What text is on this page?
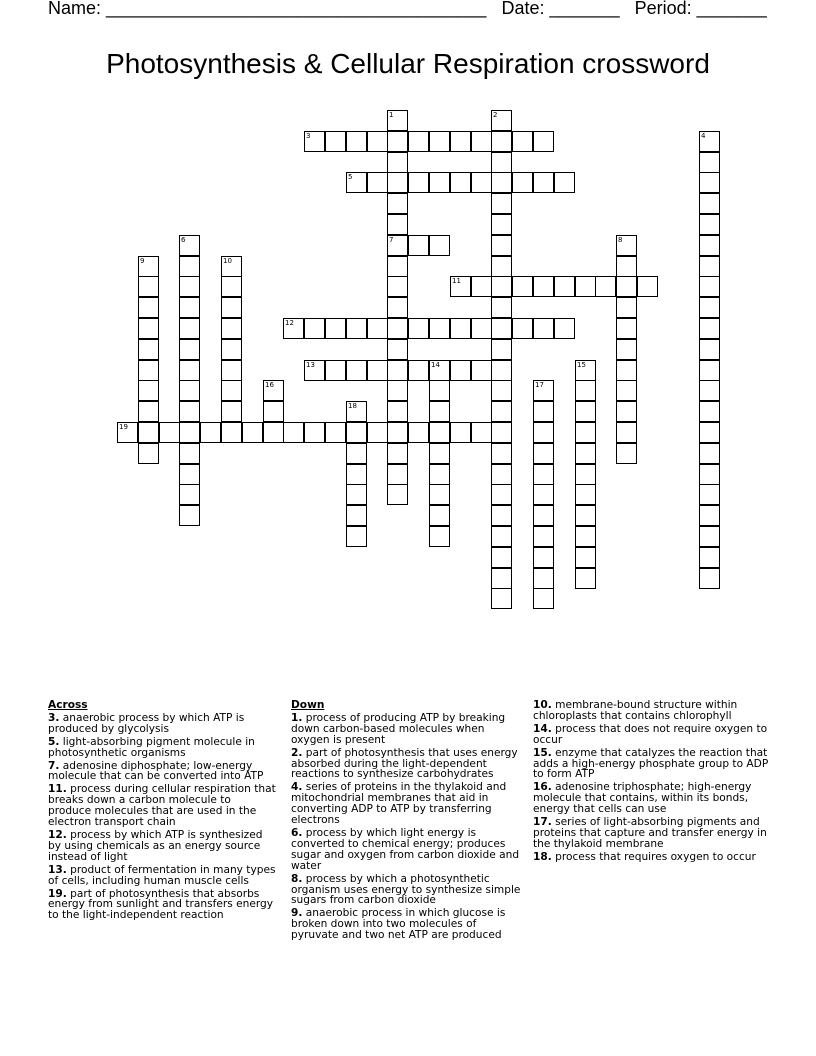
Name: ______________________________________ Date: _______ Period: _______
Photosynthesis & Cellular Respiration crossword
1
7
2
3	4
5
6	8
9	10
11
12
13	14	15
16	17
18
19
Across
3. anaerobic process by which ATP is produced by glycolysis
5. light-absorbing pigment molecule in photosynthetic organisms
7. adenosine diphosphate; low-energy molecule that can be converted into ATP
11. process during cellular respiration that breaks down a carbon molecule to produce molecules that are used in the electron transport chain
12. process by which ATP is synthesized by using chemicals as an energy source instead of light
13. product of fermentation in many types of cells, including human muscle cells
19. part of photosynthesis that absorbs energy from sunlight and transfers energy to the light-independent reaction
Down
1. process of producing ATP by breaking down carbon-based molecules when oxygen is present
2. part of photosynthesis that uses energy absorbed during the light-dependent reactions to synthesize carbohydrates
4. series of proteins in the thylakoid and mitochondrial membranes that aid in converting ADP to ATP by transferring electrons
6. process by which light energy is converted to chemical energy; produces sugar and oxygen from carbon dioxide and water
8. process by which a photosynthetic organism uses energy to synthesize simple sugars from carbon dioxide
9. anaerobic process in which glucose is broken down into two molecules of pyruvate and two net ATP are produced
10. membrane-bound structure within chloroplasts that contains chlorophyll
14. process that does not require oxygen to occur
15. enzyme that catalyzes the reaction that adds a high-energy phosphate group to ADP to form ATP
16. adenosine triphosphate; high-energy molecule that contains, within its bonds, energy that cells can use
17. series of light-absorbing pigments and proteins that capture and transfer energy in the thylakoid membrane
18. process that requires oxygen to occur
